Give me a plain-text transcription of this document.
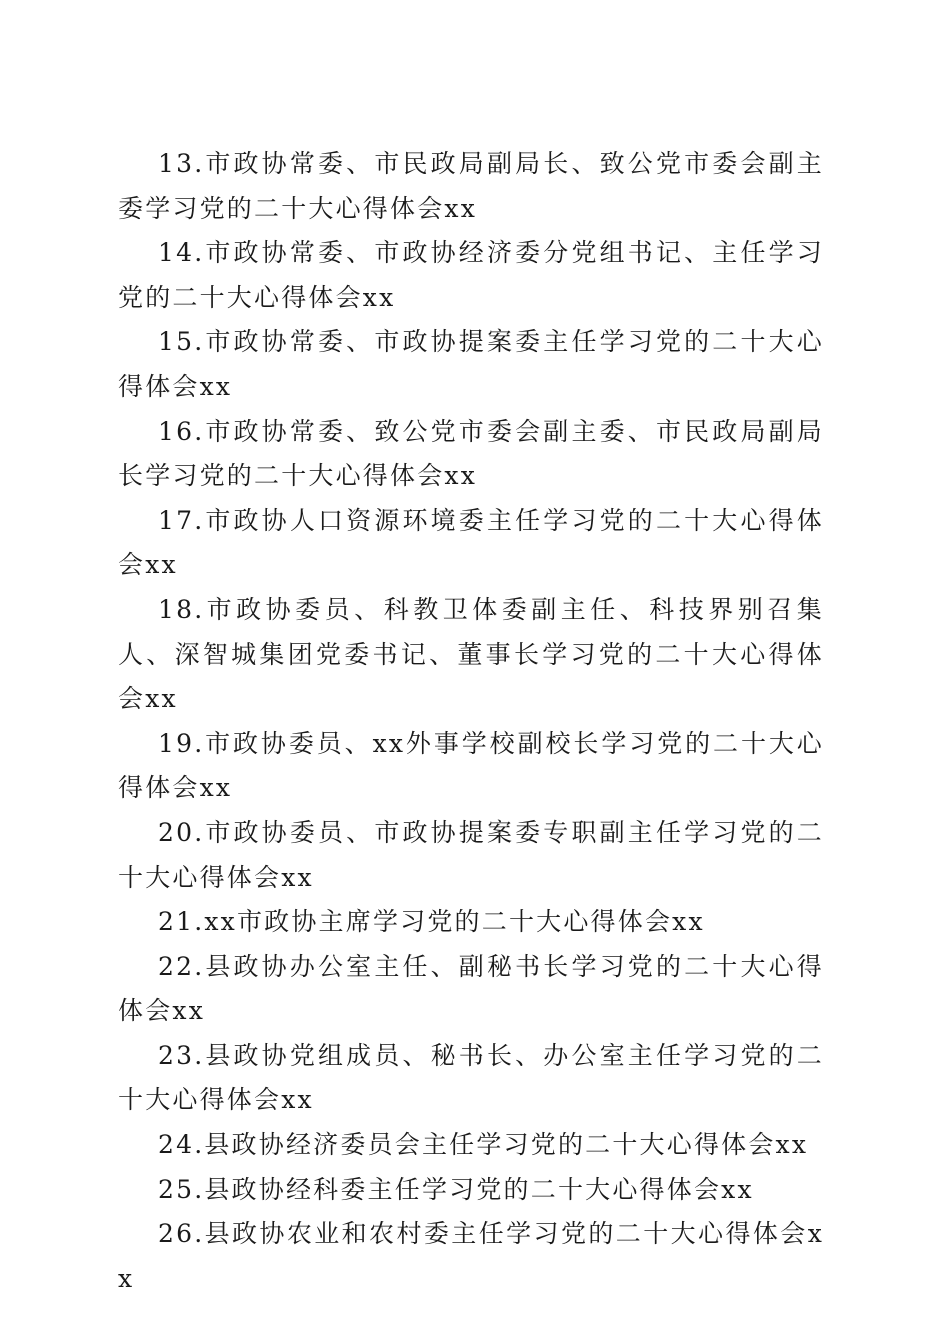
13.市政协常委、市民政局副局长、致公党市委会副主委学习党的二十大心得体会xx
14.市政协常委、市政协经济委分党组书记、主任学习党的二十大心得体会xx
15.市政协常委、市政协提案委主任学习党的二十大心得体会xx
16.市政协常委、致公党市委会副主委、市民政局副局长学习党的二十大心得体会xx
17.市政协人口资源环境委主任学习党的二十大心得体会xx
18.市政协委员、科教卫体委副主任、科技界别召集人、深智城集团党委书记、董事长学习党的二十大心得体会xx
19.市政协委员、xx外事学校副校长学习党的二十大心得体会xx
20.市政协委员、市政协提案委专职副主任学习党的二十大心得体会xx
21.xx市政协主席学习党的二十大心得体会xx
22.县政协办公室主任、副秘书长学习党的二十大心得体会xx
23.县政协党组成员、秘书长、办公室主任学习党的二十大心得体会xx
24.县政协经济委员会主任学习党的二十大心得体会xx
25.县政协经科委主任学习党的二十大心得体会xx
26.县政协农业和农村委主任学习党的二十大心得体会xx
